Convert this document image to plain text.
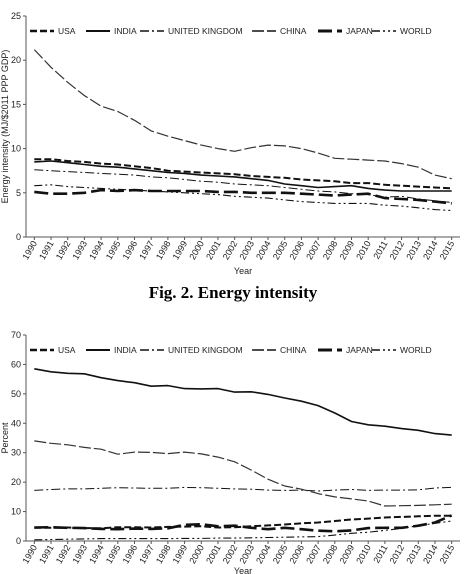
0
5
10
15
20
25
1990
1991
1992
1993
1994
1995
1996
1997
1998
1999
2000
2001
2002
2003
2004
2005
2006
2007
2008
2009
2010
2011
2012
2013
2014
2015
Year
Energy intensity (MJ/$2011 PPP GDP)
USA	INDIA	UNITED KINGDOM	CHINA	JAPAN	WORLD
Fig. 2. Energy intensity
0
10
20
30
40
50
60
70
1990
1991
1992
1993
1994
1995
1996
1997
1998
1999
2000
2001
2002
2003
2004
2005
2006
2007
2008
2009
2010
2011
2012
2013
2014
2015
Year
Percent
USA	INDIA	UNITED KINGDOM	CHINA	JAPAN	WORLD
